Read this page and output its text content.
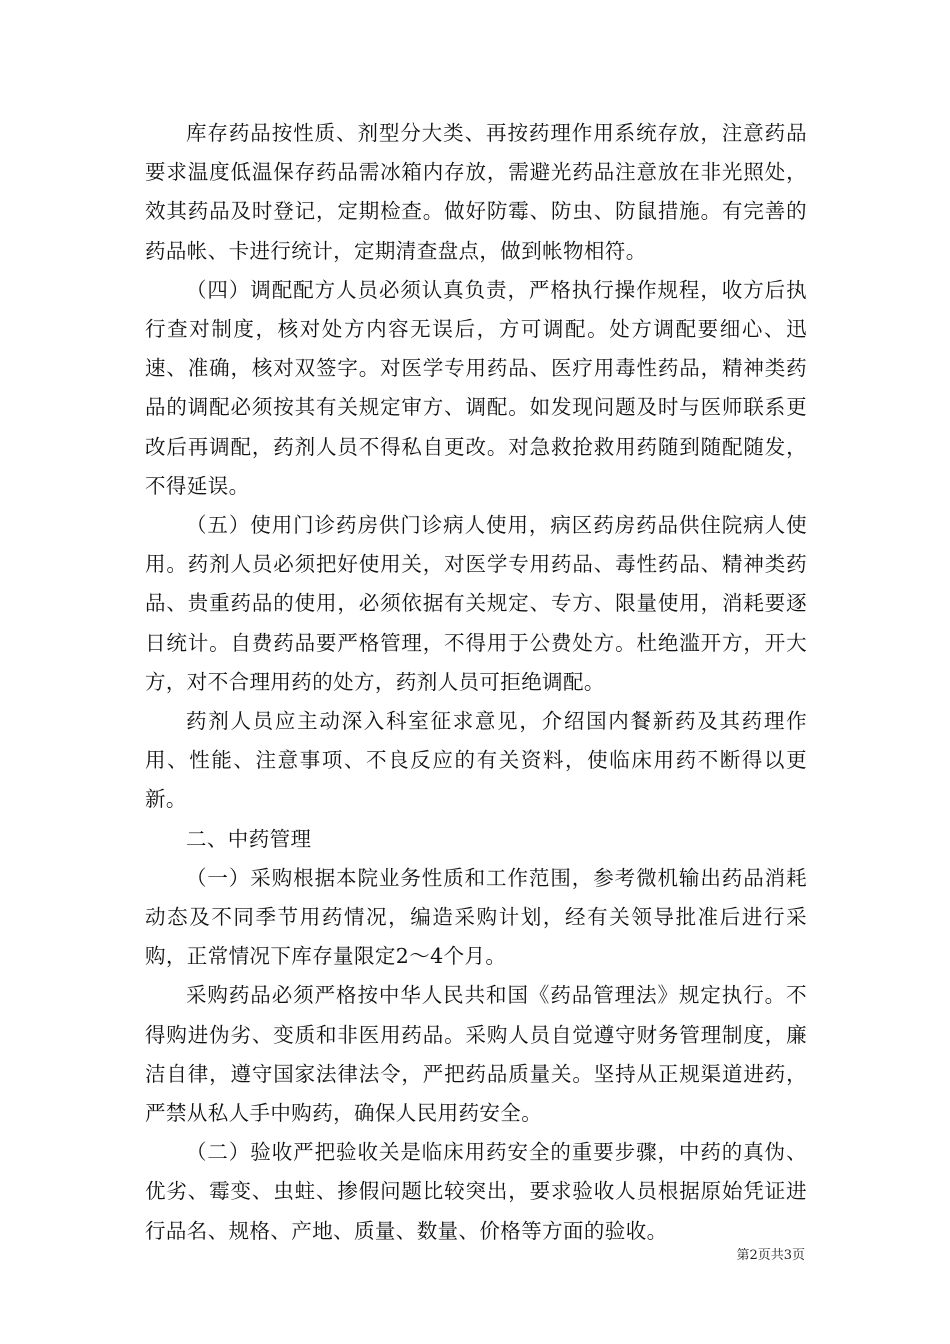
库存药品按性质、剂型分大类、再按药理作用系统存放，注意药品要求温度低温保存药品需冰箱内存放，需避光药品注意放在非光照处，效其药品及时登记，定期检查。做好防霉、防虫、防鼠措施。有完善的药品帐、卡进行统计，定期清查盘点，做到帐物相符。

（四）调配配方人员必须认真负责，严格执行操作规程，收方后执行查对制度，核对处方内容无误后，方可调配。处方调配要细心、迅速、准确，核对双签字。对医学专用药品、医疗用毒性药品，精神类药品的调配必须按其有关规定审方、调配。如发现问题及时与医师联系更改后再调配，药剂人员不得私自更改。对急救抢救用药随到随配随发，不得延误。

（五）使用门诊药房供门诊病人使用，病区药房药品供住院病人使用。药剂人员必须把好使用关，对医学专用药品、毒性药品、精神类药品、贵重药品的使用，必须依据有关规定、专方、限量使用，消耗要逐日统计。自费药品要严格管理，不得用于公费处方。杜绝滥开方，开大方，对不合理用药的处方，药剂人员可拒绝调配。

药剂人员应主动深入科室征求意见，介绍国内餐新药及其药理作用、性能、注意事项、不良反应的有关资料，使临床用药不断得以更新。

二、中药管理

（一）采购根据本院业务性质和工作范围，参考微机输出药品消耗动态及不同季节用药情况，编造采购计划，经有关领导批准后进行采购，正常情况下库存量限定2～4个月。

采购药品必须严格按中华人民共和国《药品管理法》规定执行。不得购进伪劣、变质和非医用药品。采购人员自觉遵守财务管理制度，廉洁自律，遵守国家法律法令，严把药品质量关。坚持从正规渠道进药，严禁从私人手中购药，确保人民用药安全。

（二）验收严把验收关是临床用药安全的重要步骤，中药的真伪、优劣、霉变、虫蛀、掺假问题比较突出，要求验收人员根据原始凭证进行品名、规格、产地、质量、数量、价格等方面的验收。

第2页共3页
